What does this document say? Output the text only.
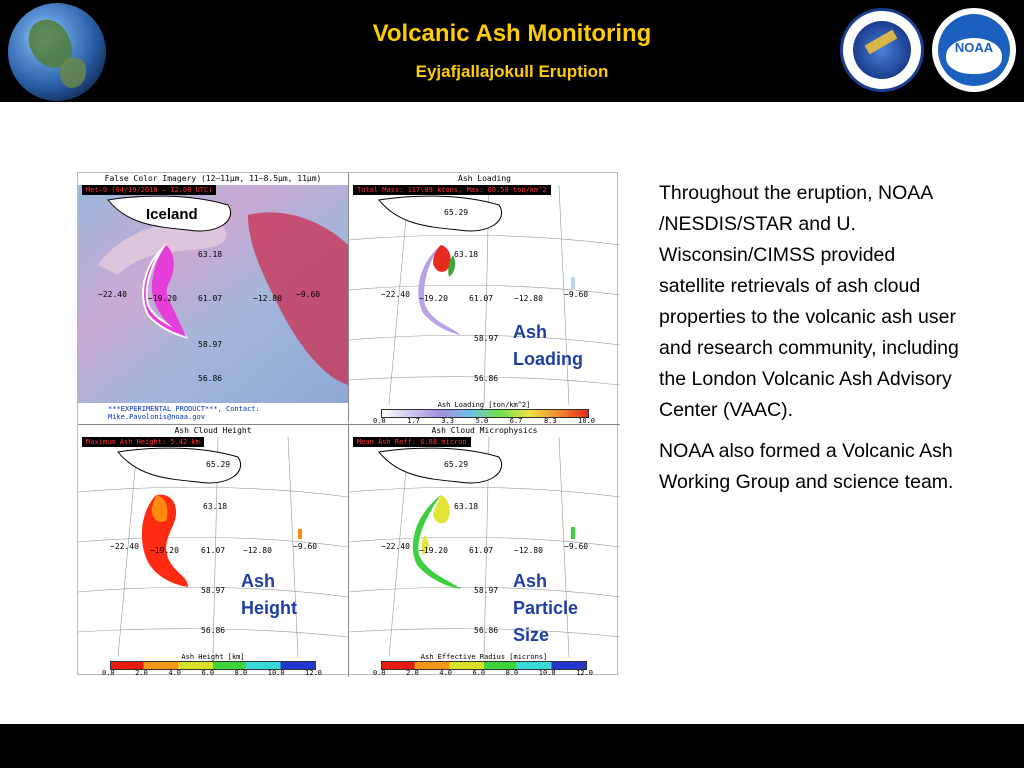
Volcanic Ash Monitoring
Eyjafjallajokull Eruption
NOAA
False Color Imagery (12–11µm, 11–8.5µm, 11µm)
63.18
61.07
58.97
56.86
−22.40	−19.20	−12.80 −9.60
Met–9 (04/19/2010 – 12:00 UTC)
Iceland
***EXPERIMENTAL PRODUCT***, Contact: Mike.Pavolonis@noaa.gov
Ash Loading
65.29
63.18
61.07
58.97
56.86
−22.40 −19.20	−12.80	−9.60
Total Mass: 117.89 ktons, Max: 80.59 ton/km^2
Ash Loading
Ash Loading [ton/km^2]
0.0	1.7	3.3	5.0	6.7	8.3	10.0
Ash Cloud Height
65.29
63.18
61.07
58.97
56.86
−22.40 −19.20	−12.80	−9.60
Maximum Ash Height: 5.42 km
Ash Height
Ash Height [km]
0.0	2.0	4.0	6.0	8.0	10.0	12.0
Ash Cloud Microphysics
65.29
63.18
61.07
58.97
56.86
−22.40 −19.20	−12.80	−9.60
Mean Ash Reff: 6.88 micron
Ash Particle Size
Ash Effective Radius [microns]
0.0	2.0	4.0	6.0	8.0	10.0	12.0

Throughout the eruption, NOAA /NESDIS/STAR and U. Wisconsin/CIMSS provided satellite retrievals of ash cloud properties to the volcanic ash user and research community, including the London Volcanic Ash Advisory Center (VAAC).

NOAA also formed a Volcanic Ash Working Group and science team.
